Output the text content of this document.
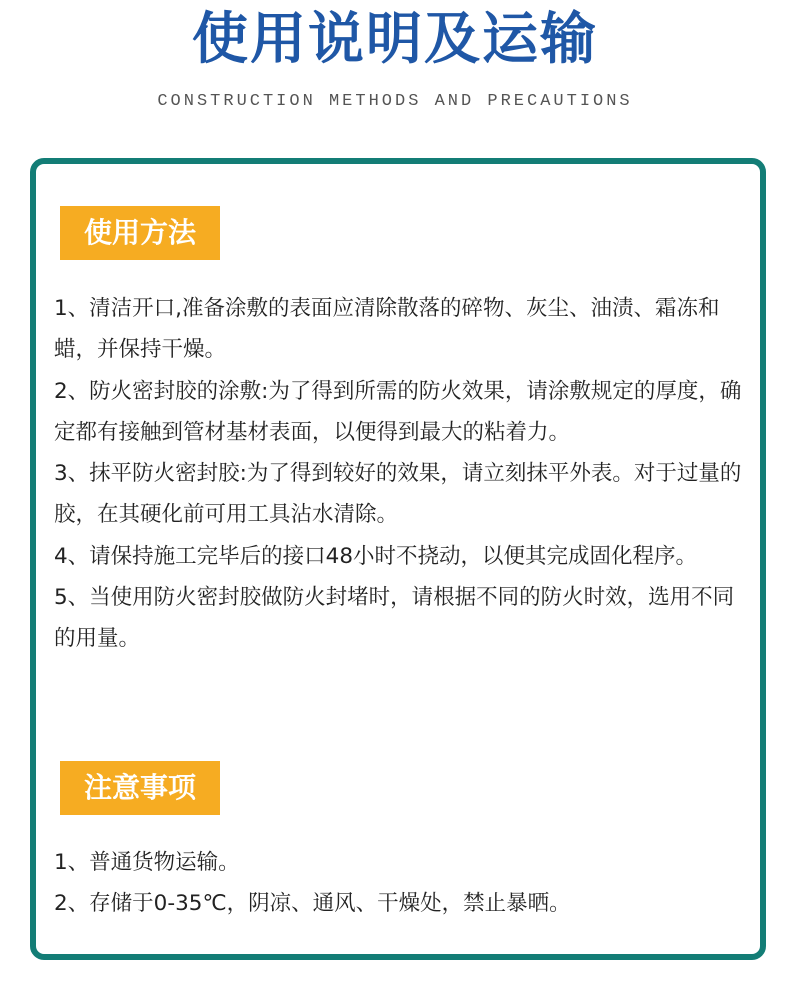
使用说明及运输
CONSTRUCTION METHODS AND PRECAUTIONS
使用方法

1、清洁开口,准备涂敷的表面应清除散落的碎物、灰尘、油渍、霜冻和蜡，并保持干燥。

2、防火密封胶的涂敷:为了得到所需的防火效果，请涂敷规定的厚度，确定都有接触到管材基材表面，以便得到最大的粘着力。

3、抹平防火密封胶:为了得到较好的效果，请立刻抹平外表。对于过量的胶，在其硬化前可用工具沾水清除。

4、请保持施工完毕后的接口48小时不挠动，以便其完成固化程序。

5、当使用防火密封胶做防火封堵时，请根据不同的防火时效，选用不同的用量。

注意事项

1、普通货物运输。

2、存储于0-35℃，阴凉、通风、干燥处，禁止暴晒。
